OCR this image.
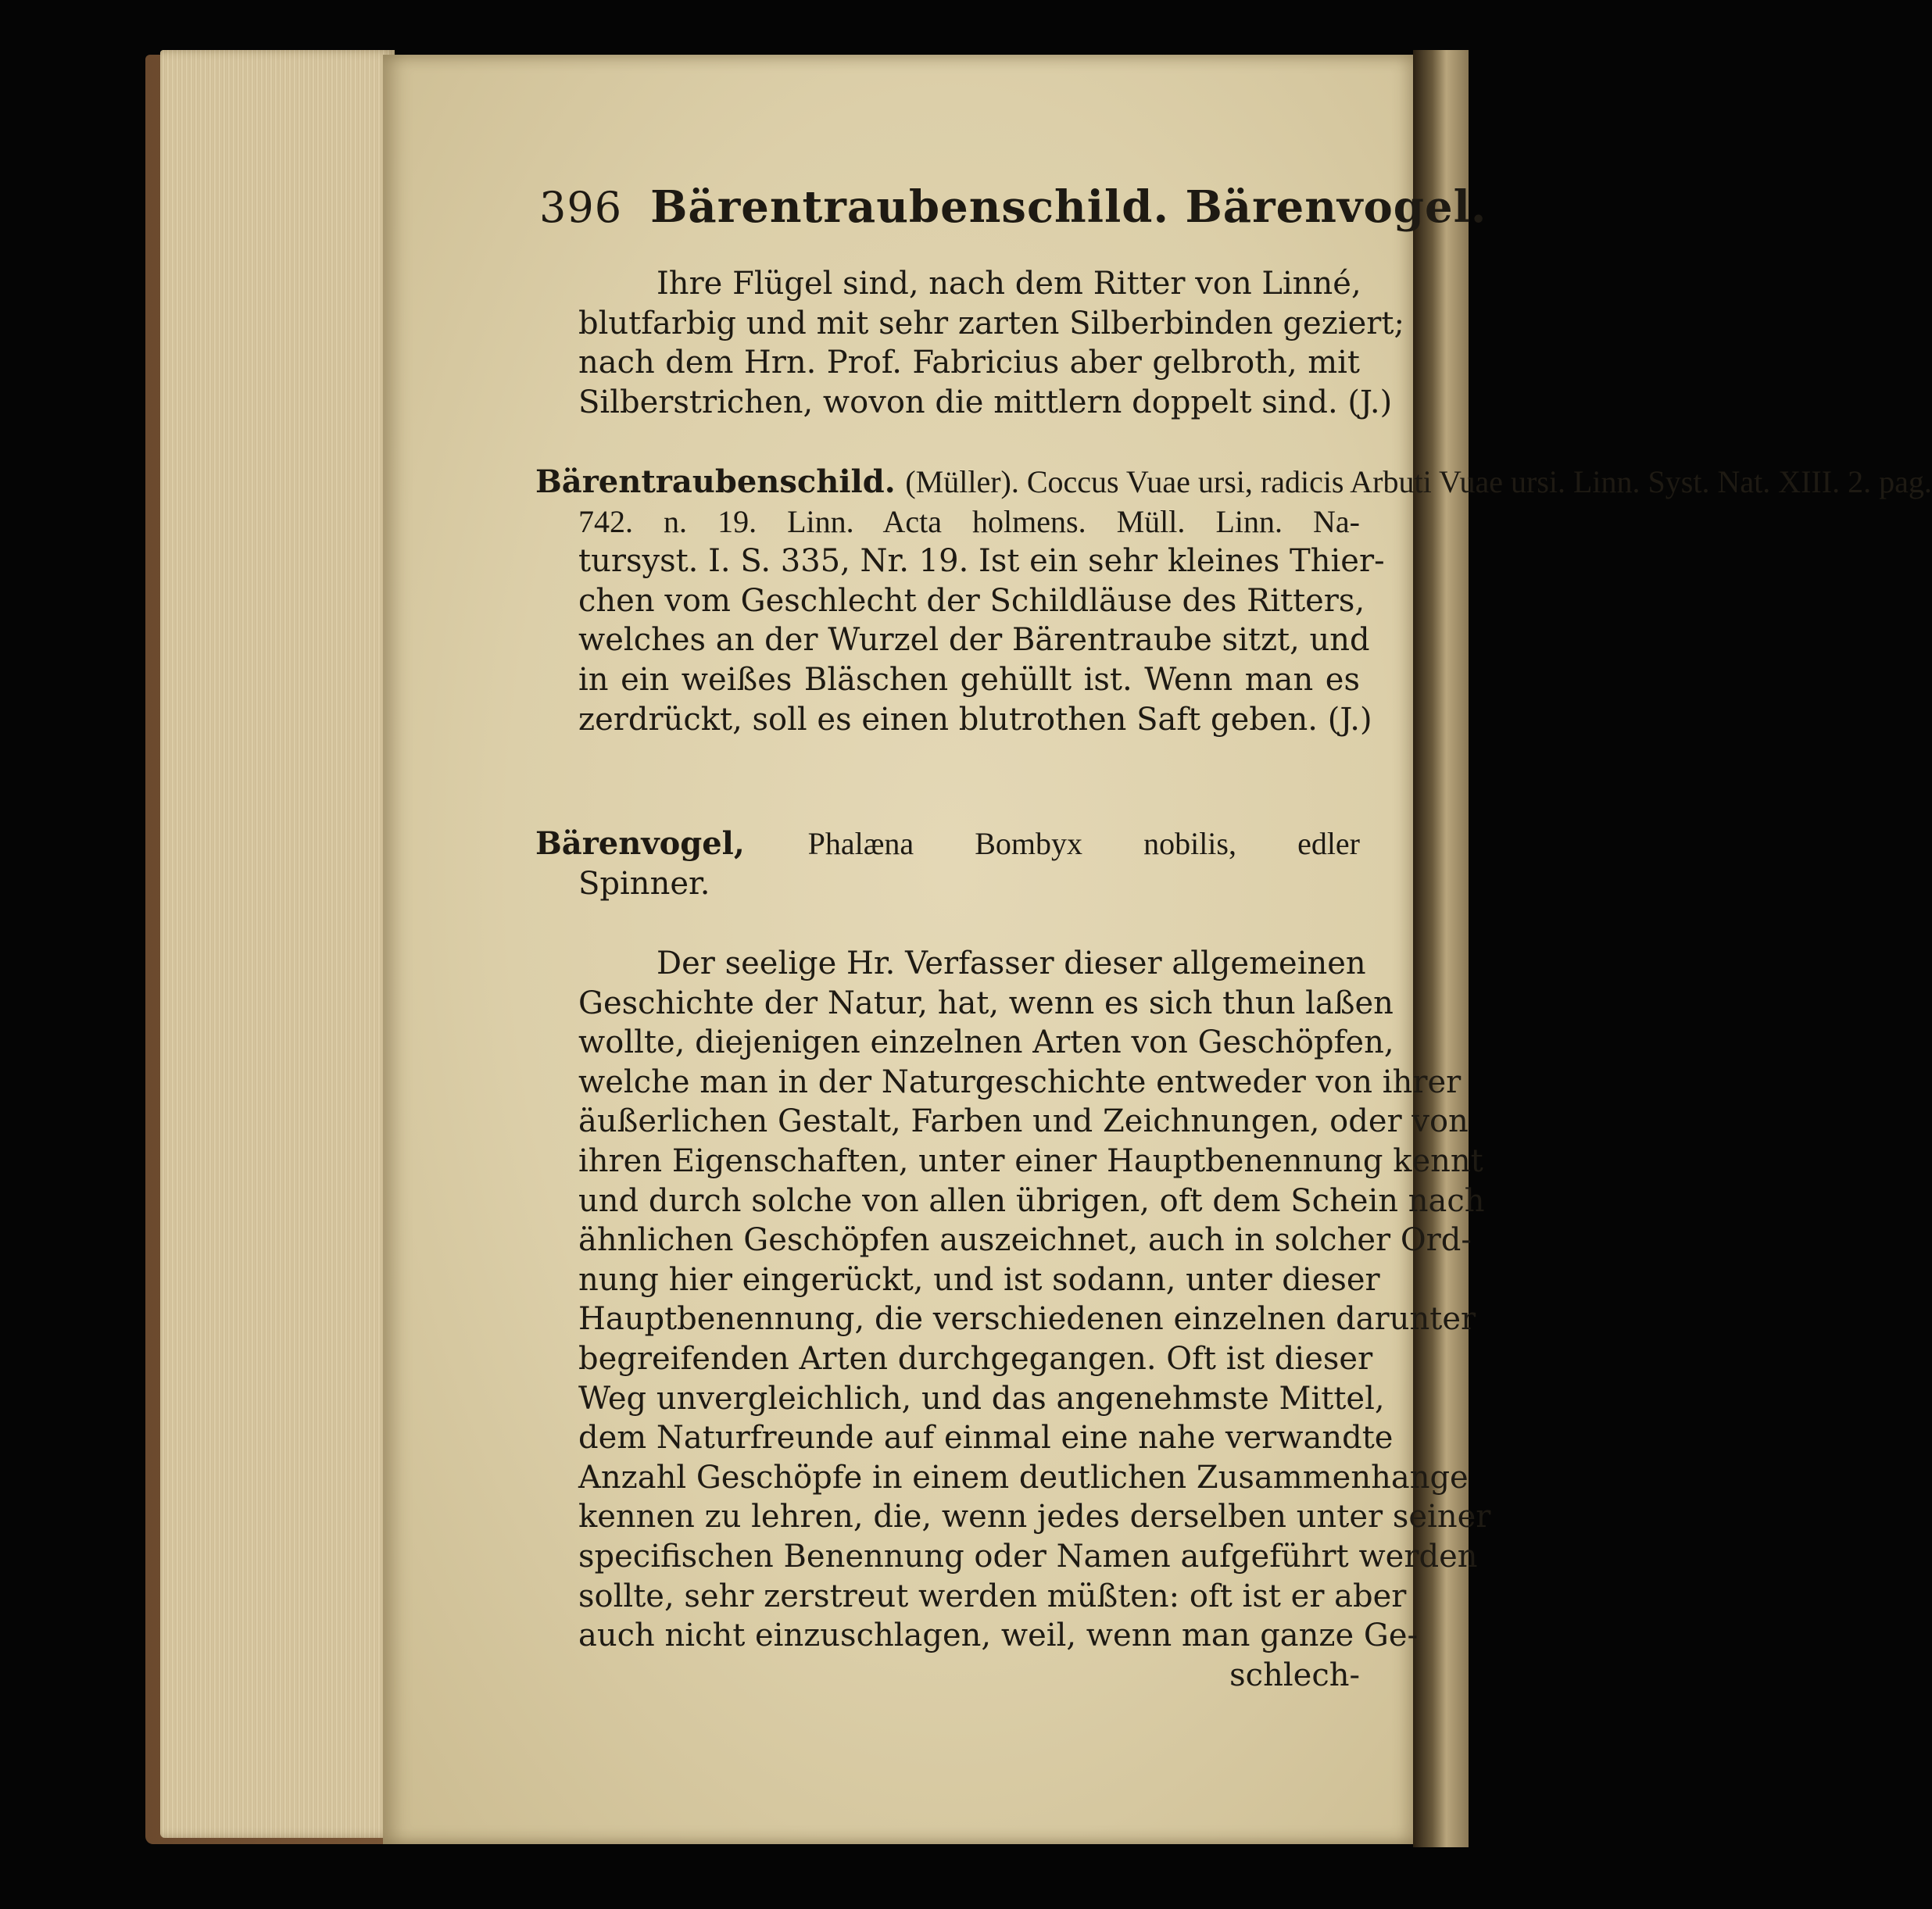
396 Bärentraubenschild. Bärenvogel.
Ihre Flügel sind, nach dem Ritter von Linné,
blutfarbig und mit sehr zarten Silberbinden geziert;
nach dem Hrn. Prof. Fabricius aber gelbroth, mit
Silberstrichen, wovon die mittlern doppelt sind. (J.)
Bärentraubenschild. (Müller). Coccus Vuae ursi, radicis Arbuti Vuae ursi. Linn. Syst. Nat. XIII. 2. pag.
742. n. 19. Linn. Acta holmens. Müll. Linn. Na-
tursyst. I. S. 335, Nr. 19. Ist ein sehr kleines Thier-
chen vom Geschlecht der Schildläuse des Ritters,
welches an der Wurzel der Bärentraube sitzt, und
in ein weißes Bläschen gehüllt ist. Wenn man es
zerdrückt, soll es einen blutrothen Saft geben. (J.)
Bärenvogel, Phalæna Bombyx nobilis, edler
Spinner.
Der seelige Hr. Verfasser dieser allgemeinen
Geschichte der Natur, hat, wenn es sich thun laßen
wollte, diejenigen einzelnen Arten von Geschöpfen,
welche man in der Naturgeschichte entweder von ihrer
äußerlichen Gestalt, Farben und Zeichnungen, oder von
ihren Eigenschaften, unter einer Hauptbenennung kennt
und durch solche von allen übrigen, oft dem Schein nach
ähnlichen Geschöpfen auszeichnet, auch in solcher Ord-
nung hier eingerückt, und ist sodann, unter dieser
Hauptbenennung, die verschiedenen einzelnen darunter
begreifenden Arten durchgegangen. Oft ist dieser
Weg unvergleichlich, und das angenehmste Mittel,
dem Naturfreunde auf einmal eine nahe verwandte
Anzahl Geschöpfe in einem deutlichen Zusammenhange
kennen zu lehren, die, wenn jedes derselben unter seiner
specifischen Benennung oder Namen aufgeführt werden
sollte, sehr zerstreut werden müßten: oft ist er aber
auch nicht einzuschlagen, weil, wenn man ganze Ge-
schlech-
